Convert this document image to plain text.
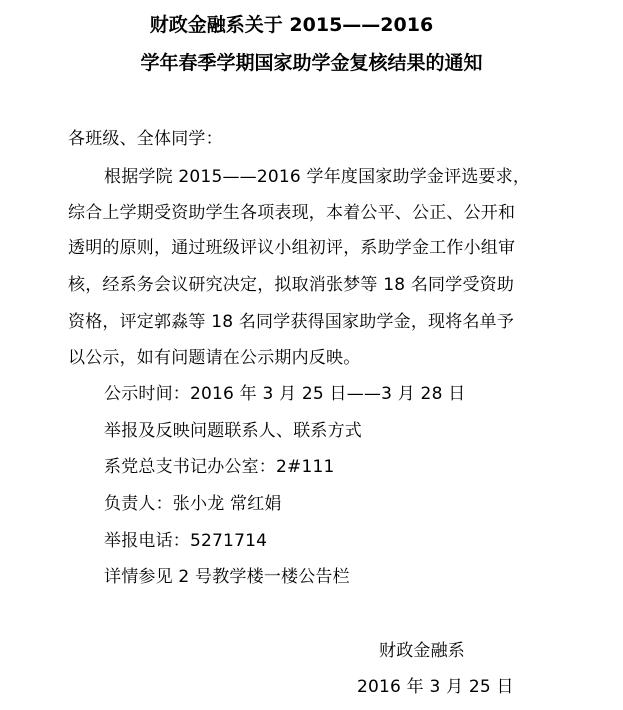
财政金融系关于 2015——2016
学年春季学期国家助学金复核结果的通知
各班级、全体同学：
根据学院 2015——2016 学年度国家助学金评选要求，
综合上学期受资助学生各项表现，本着公平、公正、公开和
透明的原则，通过班级评议小组初评，系助学金工作小组审
核，经系务会议研究决定，拟取消张梦等 18 名同学受资助
资格，评定郭淼等 18 名同学获得国家助学金，现将名单予
以公示，如有问题请在公示期内反映。
公示时间：2016 年 3 月 25 日——3 月 28 日
举报及反映问题联系人、联系方式
系党总支书记办公室：2#111
负责人：张小龙 常红娟
举报电话：5271714
详情参见 2 号教学楼一楼公告栏
财政金融系
2016 年 3 月 25 日
